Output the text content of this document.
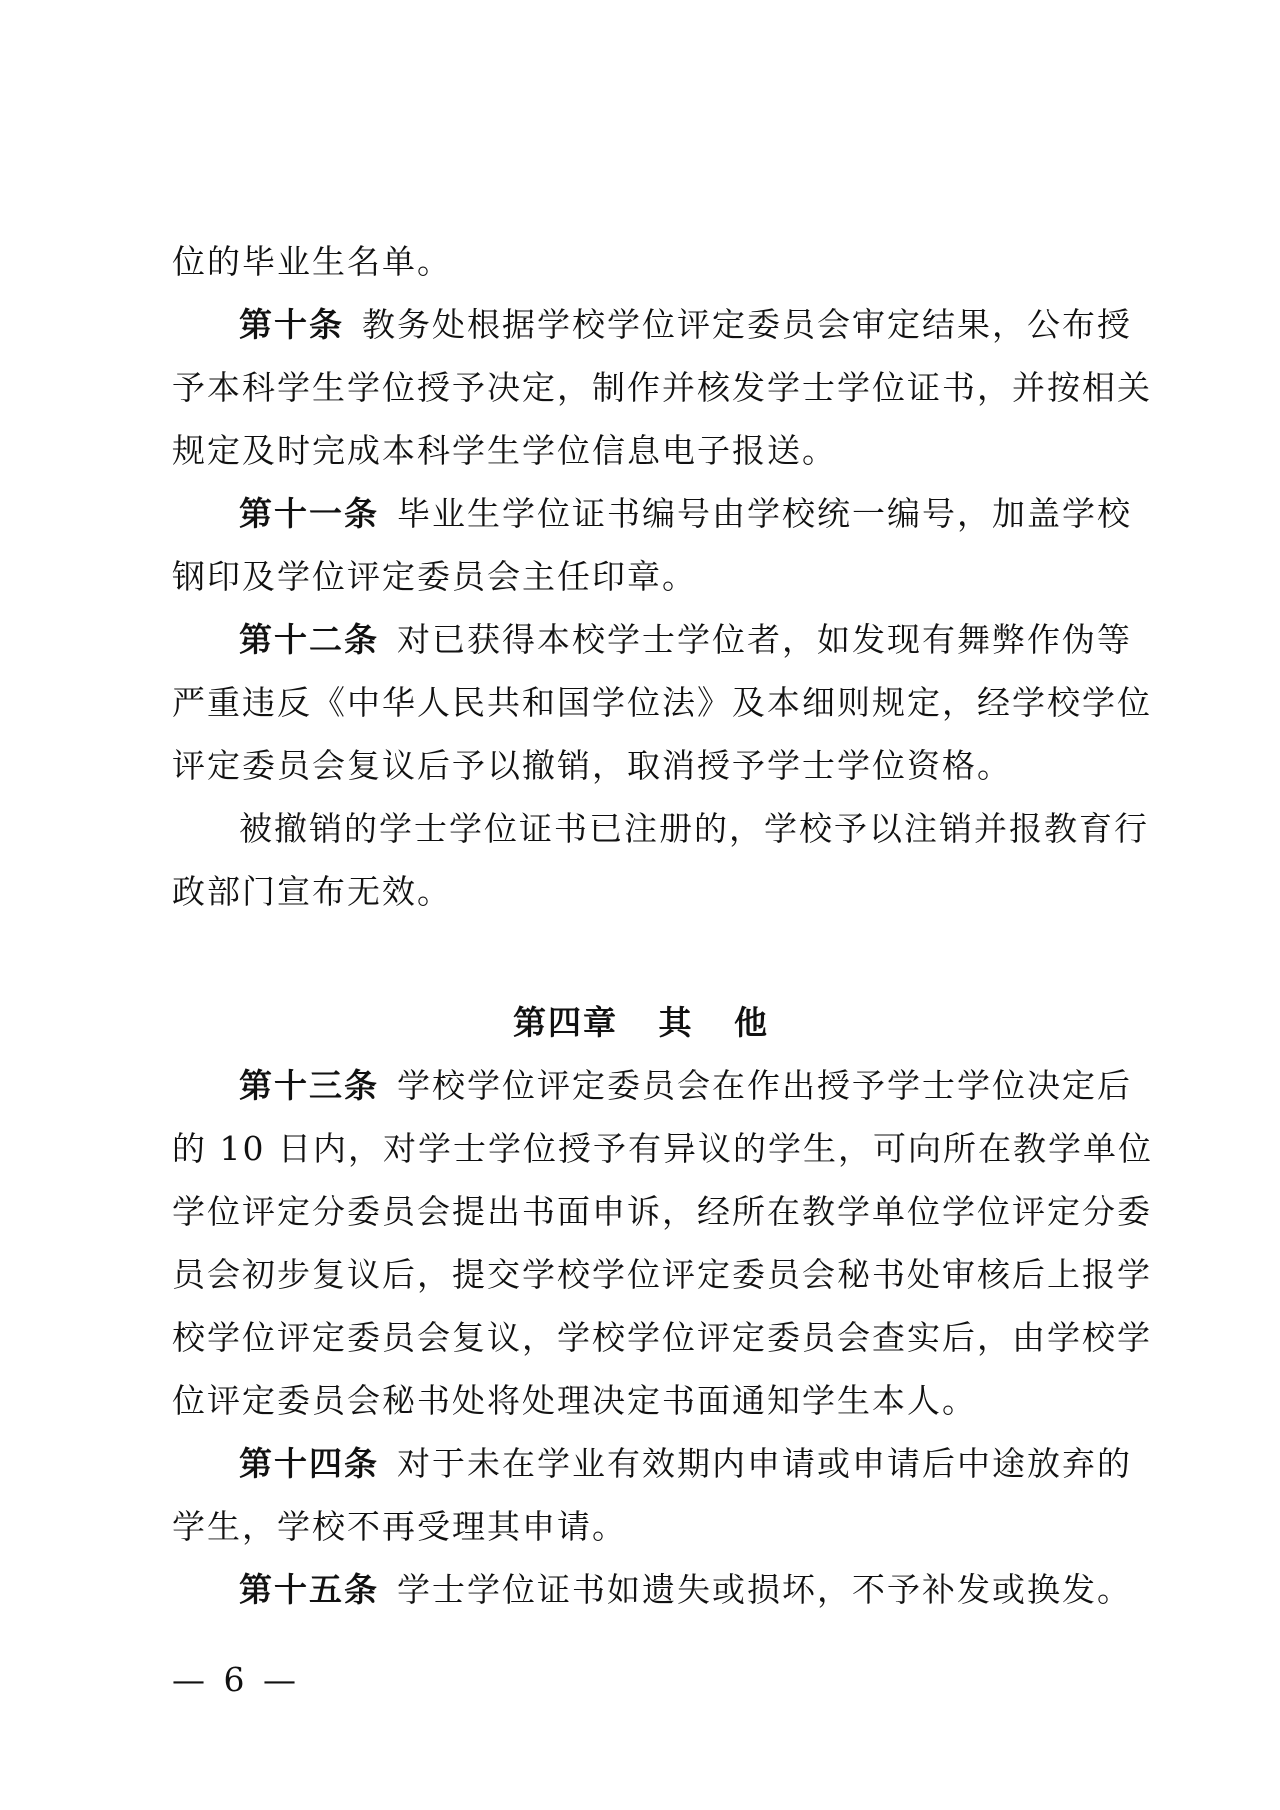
位的毕业生名单。
第十条 教务处根据学校学位评定委员会审定结果，公布授
予本科学生学位授予决定，制作并核发学士学位证书，并按相关
规定及时完成本科学生学位信息电子报送。
第十一条 毕业生学位证书编号由学校统一编号，加盖学校
钢印及学位评定委员会主任印章。
第十二条 对已获得本校学士学位者，如发现有舞弊作伪等
严重违反《中华人民共和国学位法》及本细则规定，经学校学位
评定委员会复议后予以撤销，取消授予学士学位资格。
被撤销的学士学位证书已注册的，学校予以注销并报教育行
政部门宣布无效。
第四章   其   他
第十三条 学校学位评定委员会在作出授予学士学位决定后
的 10 日内，对学士学位授予有异议的学生，可向所在教学单位
学位评定分委员会提出书面申诉，经所在教学单位学位评定分委
员会初步复议后，提交学校学位评定委员会秘书处审核后上报学
校学位评定委员会复议，学校学位评定委员会查实后，由学校学
位评定委员会秘书处将处理决定书面通知学生本人。
第十四条 对于未在学业有效期内申请或申请后中途放弃的
学生，学校不再受理其申请。
第十五条 学士学位证书如遗失或损坏，不予补发或换发。
— 6 —
